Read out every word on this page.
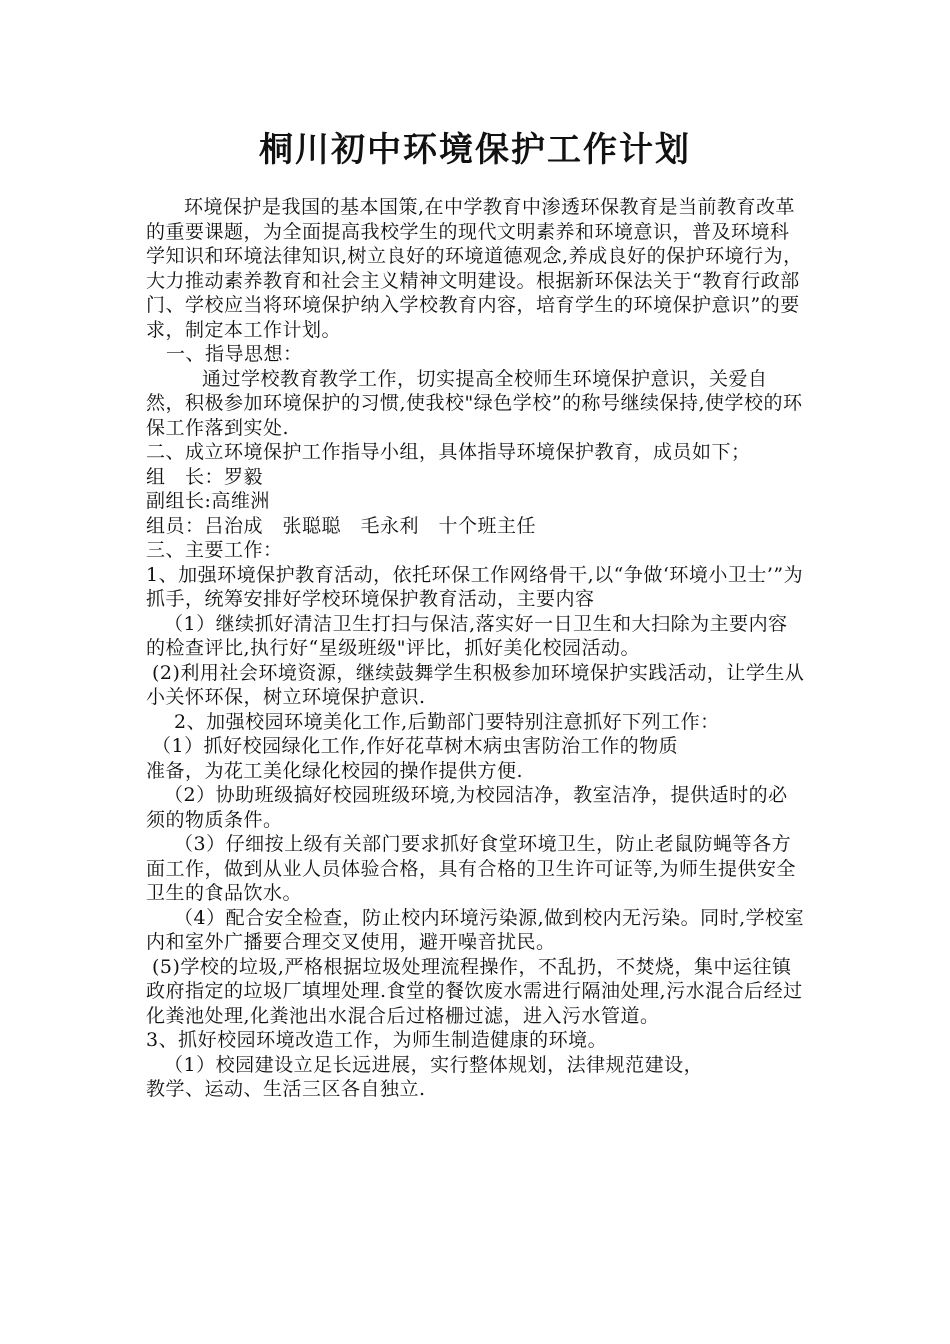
桐川初中环境保护工作计划

环境保护是我国的基本国策,在中学教育中渗透环保教育是当前教育改革的重要课题，为全面提高我校学生的现代文明素养和环境意识，普及环境科学知识和环境法律知识,树立良好的环境道德观念,养成良好的保护环境行为，大力推动素养教育和社会主义精神文明建设。根据新环保法关于“教育行政部门、学校应当将环境保护纳入学校教育内容，培育学生的环境保护意识”的要求，制定本工作计划。

一、指导思想：

通过学校教育教学工作，切实提高全校师生环境保护意识，关爱自然，积极参加环境保护的习惯,使我校"绿色学校”的称号继续保持,使学校的环保工作落到实处.

二、成立环境保护工作指导小组，具体指导环境保护教育，成员如下；

组　长：罗毅

副组长:高维洲

组员：吕治成　张聪聪　毛永利　十个班主任

三、主要工作：

1、加强环境保护教育活动，依托环保工作网络骨干,以“争做‘环境小卫士’”为抓手，统筹安排好学校环境保护教育活动，主要内容

（1）继续抓好清洁卫生打扫与保洁,落实好一日卫生和大扫除为主要内容的检查评比,执行好“星级班级"评比，抓好美化校园活动。

(2)利用社会环境资源，继续鼓舞学生积极参加环境保护实践活动，让学生从小关怀环保，树立环境保护意识.

2、加强校园环境美化工作,后勤部门要特别注意抓好下列工作：

（1）抓好校园绿化工作,作好花草树木病虫害防治工作的物质

准备，为花工美化绿化校园的操作提供方便.

（2）协助班级搞好校园班级环境,为校园洁净，教室洁净，提供适时的必须的物质条件。

（3）仔细按上级有关部门要求抓好食堂环境卫生，防止老鼠防蝇等各方面工作，做到从业人员体验合格，具有合格的卫生许可证等,为师生提供安全卫生的食品饮水。

（4）配合安全检查，防止校内环境污染源,做到校内无污染。同时,学校室内和室外广播要合理交叉使用，避开噪音扰民。

(5)学校的垃圾,严格根据垃圾处理流程操作，不乱扔，不焚烧，集中运往镇政府指定的垃圾厂填埋处理.食堂的餐饮废水需进行隔油处理,污水混合后经过化粪池处理,化粪池出水混合后过格栅过滤，进入污水管道。

3、抓好校园环境改造工作，为师生制造健康的环境。

（1）校园建设立足长远进展，实行整体规划，法律规范建设，

教学、运动、生活三区各自独立.
